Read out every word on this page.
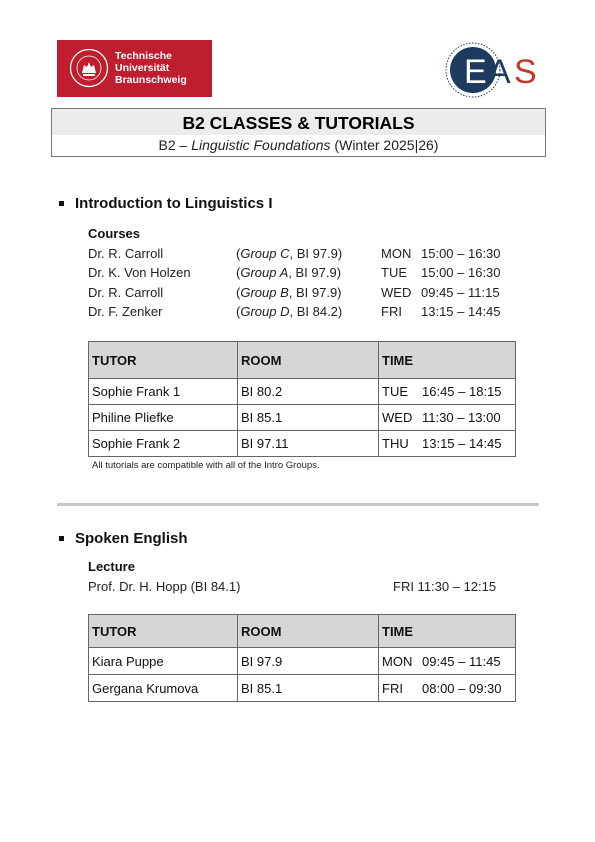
Technische
Universität
Braunschweig	E A S
B2 CLASSES & TUTORIALS
B2 – Linguistic Foundations (Winter 2025|26)
Introduction to Linguistics I
Courses
Dr. R. Carroll	(Group C, BI 97.9)	MON 15:00 – 16:30
Dr. K. Von Holzen	(Group A, BI 97.9)	TUE 15:00 – 16:30
Dr. R. Carroll	(Group B, BI 97.9)	WED 09:45 – 11:15
Dr. F. Zenker	(Group D, BI 84.2)	FRI 13:15 – 14:45
TUTOR	ROOM	TIME
Sophie Frank 1	BI 80.2	TUE 16:45 – 18:15
Philine Pliefke	BI 85.1	WED 11:30 – 13:00
Sophie Frank 2	BI 97.11	THU 13:15 – 14:45
All tutorials are compatible with all of the Intro Groups.
Spoken English
Lecture
Prof. Dr. H. Hopp (BI 84.1)	FRI 11:30 – 12:15
TUTOR	ROOM	TIME
Kiara Puppe	BI 97.9	MON 09:45 – 11:45
Gergana Krumova	BI 85.1	FRI 08:00 – 09:30
